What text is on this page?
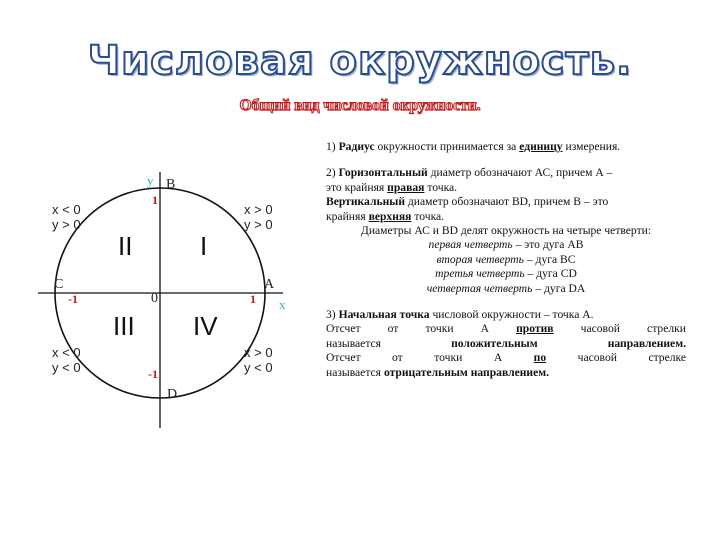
Числовая окружность.
Общий вид числовой окружности.
y
x
B
A
C
D
0
1
1
-1
-1
I
II
III IV
x < 0
y > 0
x > 0
y > 0
x < 0
y < 0
x > 0
y < 0

1) Радиус окружности принимается за единицу измерения.

2) Горизонтальный диаметр обозначают АС, причем А –

это крайняя правая точка.

Вертикальный диаметр обозначают BD, причем В – это

крайняя верхняя точка.

Диаметры АС и BD делят окружность на четыре четверти:

первая четверть – это дуга АВ

вторая четверть – дуга ВС

третья четверть – дуга CD

четвертая четверть – дуга DA

3) Начальная точка числовой окружности – точка А.

Отсчет от точки А против часовой стрелки

называется	положительным	направлением.

Отсчет	от	точки	А	по	часовой	стрелке

называется отрицательным направлением.
